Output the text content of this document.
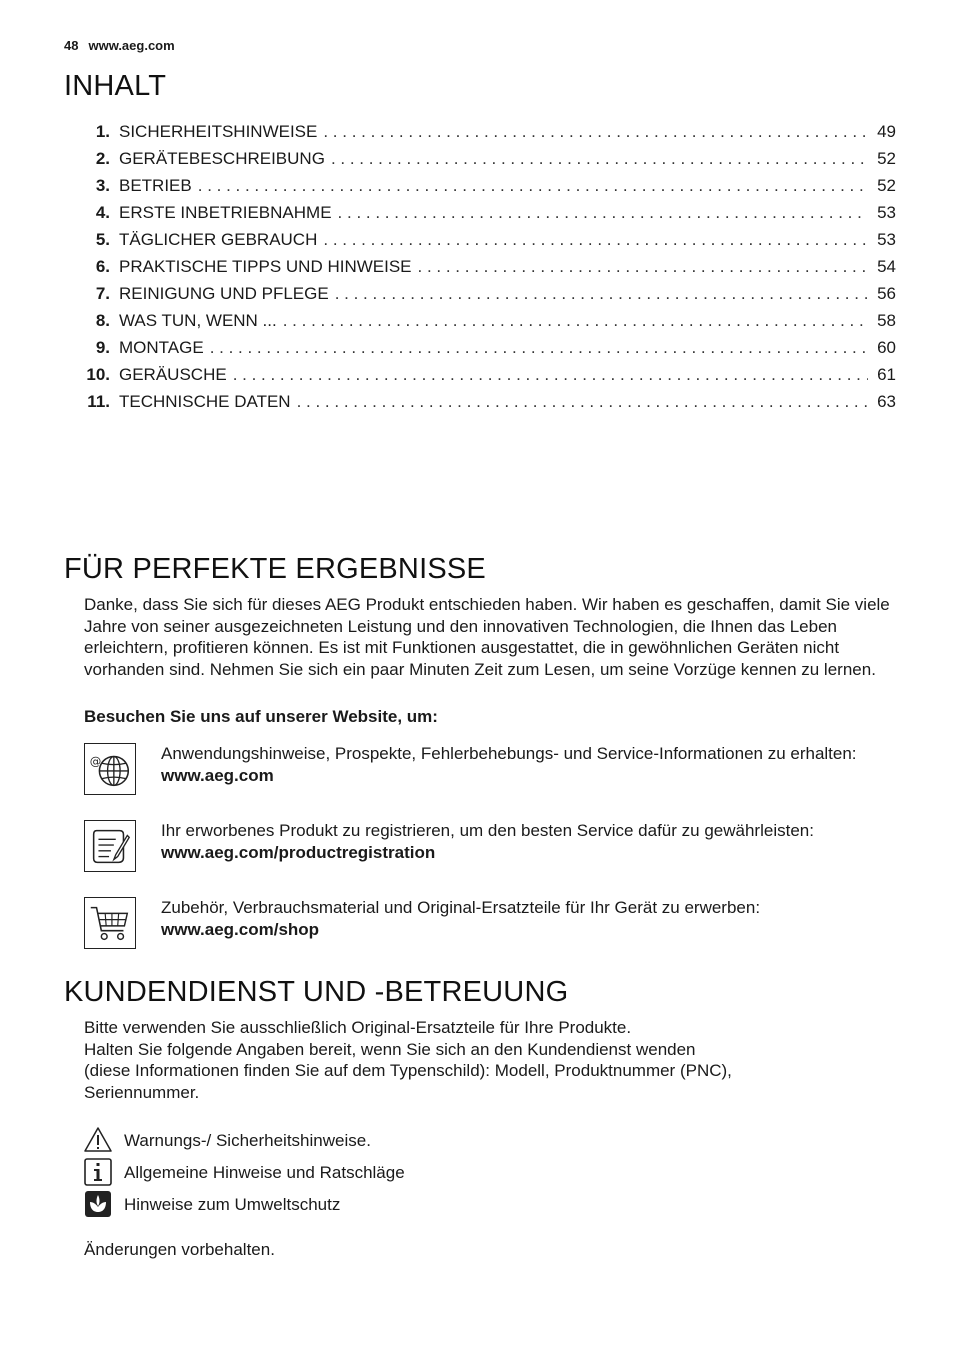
48 www.aeg.com
INHALT
1. SICHERHEITSHINWEISE . . .	49
2. GERÄTEBESCHREIBUNG . . .	52
3. BETRIEB . . .	52
4. ERSTE INBETRIEBNAHME . . .	53
5. TÄGLICHER GEBRAUCH . . .	53
6. PRAKTISCHE TIPPS UND HINWEISE . . .	54
7. REINIGUNG UND PFLEGE . . .	56
8. WAS TUN, WENN ... . . .	58
9. MONTAGE . . .	60
10. GERÄUSCHE . . .	61
11. TECHNISCHE DATEN . . .	63
FÜR PERFEKTE ERGEBNISSE

Danke, dass Sie sich für dieses AEG Produkt entschieden haben. Wir haben es geschaffen, damit Sie viele Jahre von seiner ausgezeichneten Leistung und den innovativen Technologien, die Ihnen das Leben erleichtern, profitieren können. Es ist mit Funktionen ausgestattet, die in gewöhnlichen Geräten nicht vorhanden sind. Nehmen Sie sich ein paar Minuten Zeit zum Lesen, um seine Vorzüge kennen zu lernen.

Besuchen Sie uns auf unserer Website, um:

@	Anwendungshinweise, Prospekte, Fehlerbehebungs- und Service-Informationen zu erhalten:
www.aeg.com
Ihr erworbenes Produkt zu registrieren, um den besten Service dafür zu gewährleisten:
www.aeg.com/productregistration
Zubehör, Verbrauchsmaterial und Original-Ersatzteile für Ihr Gerät zu erwerben:
www.aeg.com/shop
KUNDENDIENST UND -BETREUUNG
Bitte verwenden Sie ausschließlich Original-Ersatzteile für Ihre Produkte.
Halten Sie folgende Angaben bereit, wenn Sie sich an den Kundendienst wenden
(diese Informationen finden Sie auf dem Typenschild): Modell, Produktnummer (PNC),
Seriennummer.
Warnungs-/ Sicherheitshinweise.
Allgemeine Hinweise und Ratschläge
Hinweise zum Umweltschutz

Änderungen vorbehalten.
